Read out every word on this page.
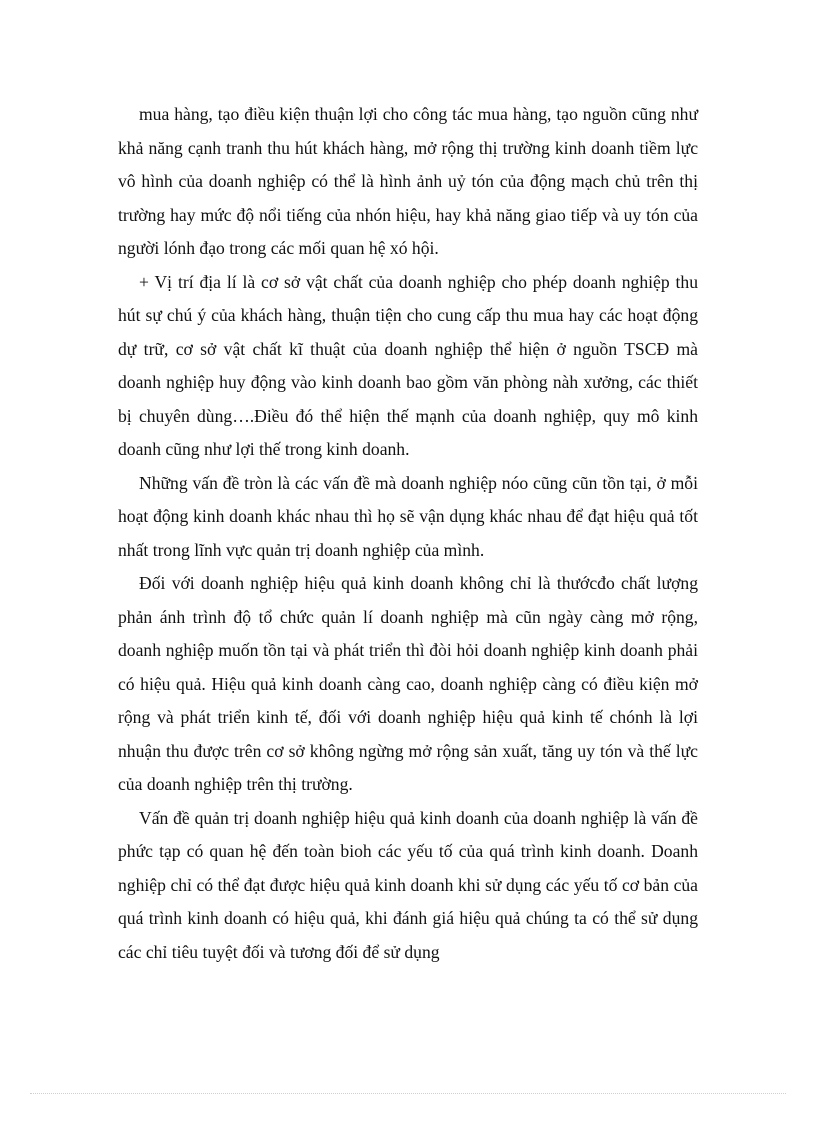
mua hàng, tạo điều kiện thuận lợi cho công tác mua hàng, tạo nguồn cũng như khả năng cạnh tranh thu hút khách hàng, mở rộng thị trường kinh doanh tiềm lực vô hình của doanh nghiệp có thể là hình ảnh uỷ tón của động mạch chủ trên thị trường hay mức độ nổi tiếng của nhón hiệu, hay khả năng giao tiếp và uy tón của người lónh đạo trong các mối quan hệ xó hội.

+ Vị trí địa lí là cơ sở vật chất của doanh nghiệp cho phép doanh nghiệp thu hút sự chú ý của khách hàng, thuận tiện cho cung cấp thu mua hay các hoạt động dự trữ, cơ sở vật chất kĩ thuật của doanh nghiệp thể hiện ở nguồn TSCĐ mà doanh nghiệp huy động vào kinh doanh bao gồm văn phòng nàh xưởng, các thiết bị chuyên dùng….Điều đó thể hiện thế mạnh của doanh nghiệp, quy mô kinh doanh cũng như lợi thế trong kinh doanh.

Những vấn đề tròn là các vấn đề mà doanh nghiệp nóo cũng cũn tồn tại, ở mỗi hoạt động kinh doanh khác nhau thì họ sẽ vận dụng khác nhau để đạt hiệu quả tốt nhất trong lĩnh vực quản trị doanh nghiệp của mình.

Đối với doanh nghiệp hiệu quả kinh doanh không chỉ là thướcđo chất lượng phản ánh trình độ tổ chức quản lí doanh nghiệp mà cũn ngày càng mở rộng, doanh nghiệp muốn tồn tại và phát triển thì đòi hỏi doanh nghiệp kinh doanh phải có hiệu quả. Hiệu quả kinh doanh càng cao, doanh nghiệp càng có điều kiện mở rộng và phát triển kinh tế, đối với doanh nghiệp hiệu quả kinh tế chónh là lợi nhuận thu được trên cơ sở không ngừng mở rộng sản xuất, tăng uy tón và thế lực của doanh nghiệp trên thị trường.

Vấn đề quản trị doanh nghiệp hiệu quả kinh doanh của doanh nghiệp là vấn đề phức tạp có quan hệ đến toàn bioh các yếu tố của quá trình kinh doanh. Doanh nghiệp chỉ có thể đạt được hiệu quả kinh doanh khi sử dụng các yếu tố cơ bản của quá trình kinh doanh có hiệu quả, khi đánh giá hiệu quả chúng ta có thể sử dụng các chỉ tiêu tuyệt đối và tương đối để sử dụng
